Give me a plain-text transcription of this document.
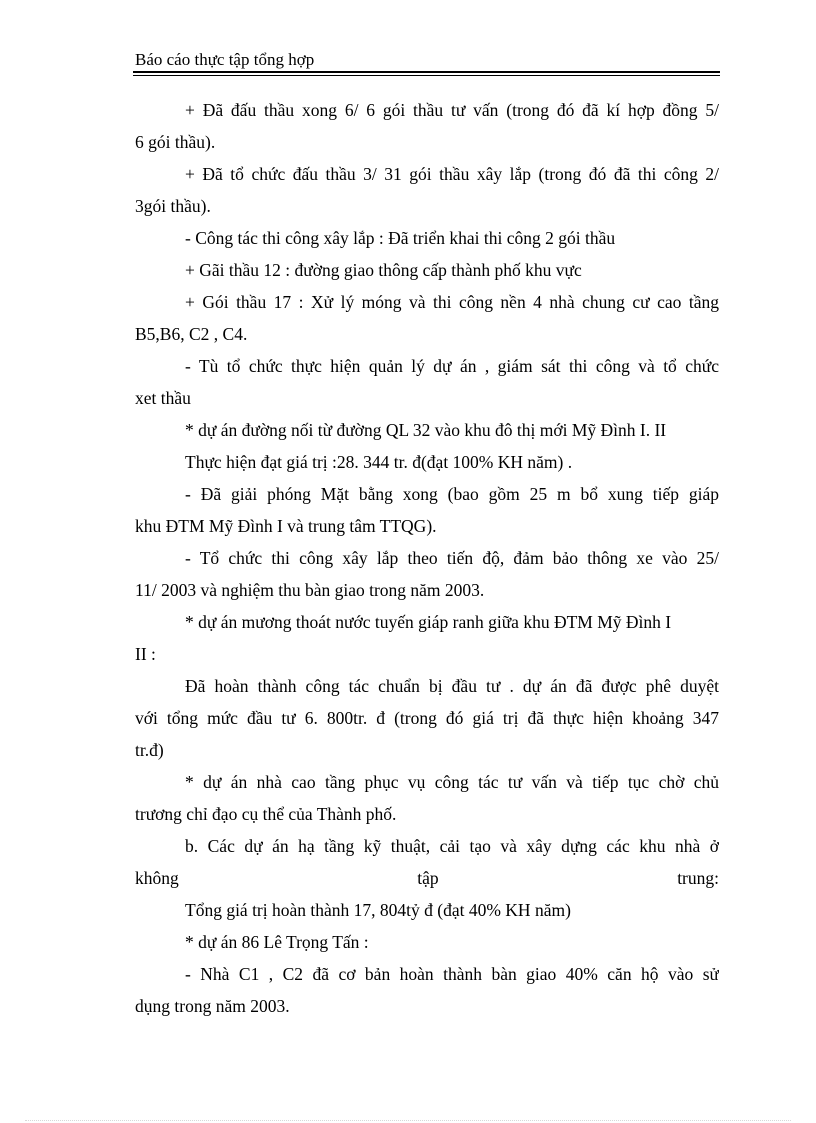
Báo cáo thực tập tổng hợp
+ Đã đấu thầu xong 6/ 6 gói thầu tư vấn (trong đó đã kí hợp đồng 5/
6 gói thầu).
+ Đã tổ chức đấu thầu 3/ 31 gói thầu xây lắp (trong đó đã thi công 2/
3gói thầu).
- Công tác thi công xây lắp : Đã triển khai thi công 2 gói thầu
+ Gãi thầu 12 : đường giao thông cấp thành phố khu vực
+ Gói thầu 17 : Xử lý móng và thi công nền 4 nhà chung cư cao tầng
B5,B6, C2 , C4.
- Tù tổ chức thực hiện quản lý dự án , giám sát thi công và tổ chức
xet thầu
* dự án đường nối từ đường QL 32 vào khu đô thị mới Mỹ Đình I. II
Thực hiện đạt giá trị :28. 344 tr. đ(đạt 100% KH năm) .
- Đã giải phóng Mặt bằng xong (bao gồm 25 m bổ xung tiếp giáp
khu ĐTM Mỹ Đình I và trung tâm TTQG).
- Tổ chức thi công xây lắp theo tiến độ, đảm bảo thông xe vào 25/
11/ 2003 và nghiệm thu bàn giao trong năm 2003.
* dự án mương thoát nước tuyến giáp ranh giữa khu ĐTM Mỹ Đình I
II :
Đã hoàn thành công tác chuẩn bị đầu tư . dự án đã được phê duyệt
với tổng mức đầu tư 6. 800tr. đ (trong đó giá trị đã thực hiện khoảng 347
tr.đ)
* dự án nhà cao tầng phục vụ công tác tư vấn và tiếp tục chờ chủ
trương chỉ đạo cụ thể của Thành phố.
b. Các dự án hạ tầng kỹ thuật, cải tạo và xây dựng các khu nhà ở
không tập trung:
Tổng giá trị hoàn thành 17, 804tỷ đ (đạt 40% KH năm)
* dự án 86 Lê Trọng Tấn :
- Nhà C1 , C2 đã cơ bản hoàn thành bàn giao 40% căn hộ vào sử
dụng trong năm 2003.
